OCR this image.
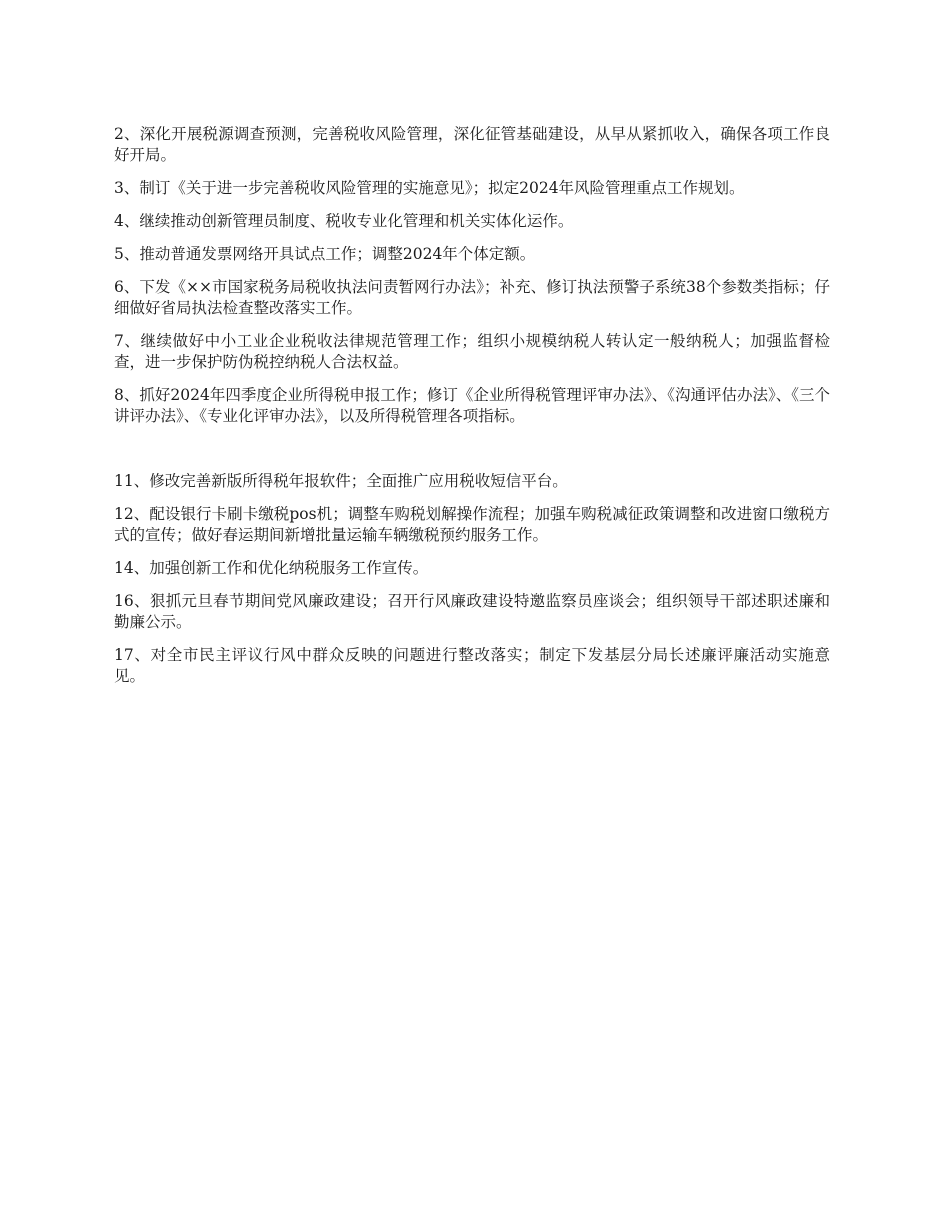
2、深化开展税源调查预测，完善税收风险管理，深化征管基础建设，从早从紧抓收入，确保各项工作良好开局。

3、制订《关于进一步完善税收风险管理的实施意见》；拟定2024年风险管理重点工作规划。

4、继续推动创新管理员制度、税收专业化管理和机关实体化运作。

5、推动普通发票网络开具试点工作；调整2024年个体定额。

6、下发《××市国家税务局税收执法问责暂网行办法》；补充、修订执法预警子系统38个参数类指标；仔细做好省局执法检查整改落实工作。

7、继续做好中小工业企业税收法律规范管理工作；组织小规模纳税人转认定一般纳税人；加强监督检查，进一步保护防伪税控纳税人合法权益。

8、抓好2024年四季度企业所得税申报工作；修订《企业所得税管理评审办法》、《沟通评估办法》、《三个讲评办法》、《专业化评审办法》，以及所得税管理各项指标。

11、修改完善新版所得税年报软件；全面推广应用税收短信平台。

12、配设银行卡刷卡缴税pos机；调整车购税划解操作流程；加强车购税减征政策调整和改进窗口缴税方式的宣传；做好春运期间新增批量运输车辆缴税预约服务工作。

14、加强创新工作和优化纳税服务工作宣传。

16、狠抓元旦春节期间党风廉政建设；召开行风廉政建设特邀监察员座谈会；组织领导干部述职述廉和勤廉公示。

17、对全市民主评议行风中群众反映的问题进行整改落实；制定下发基层分局长述廉评廉活动实施意见。
